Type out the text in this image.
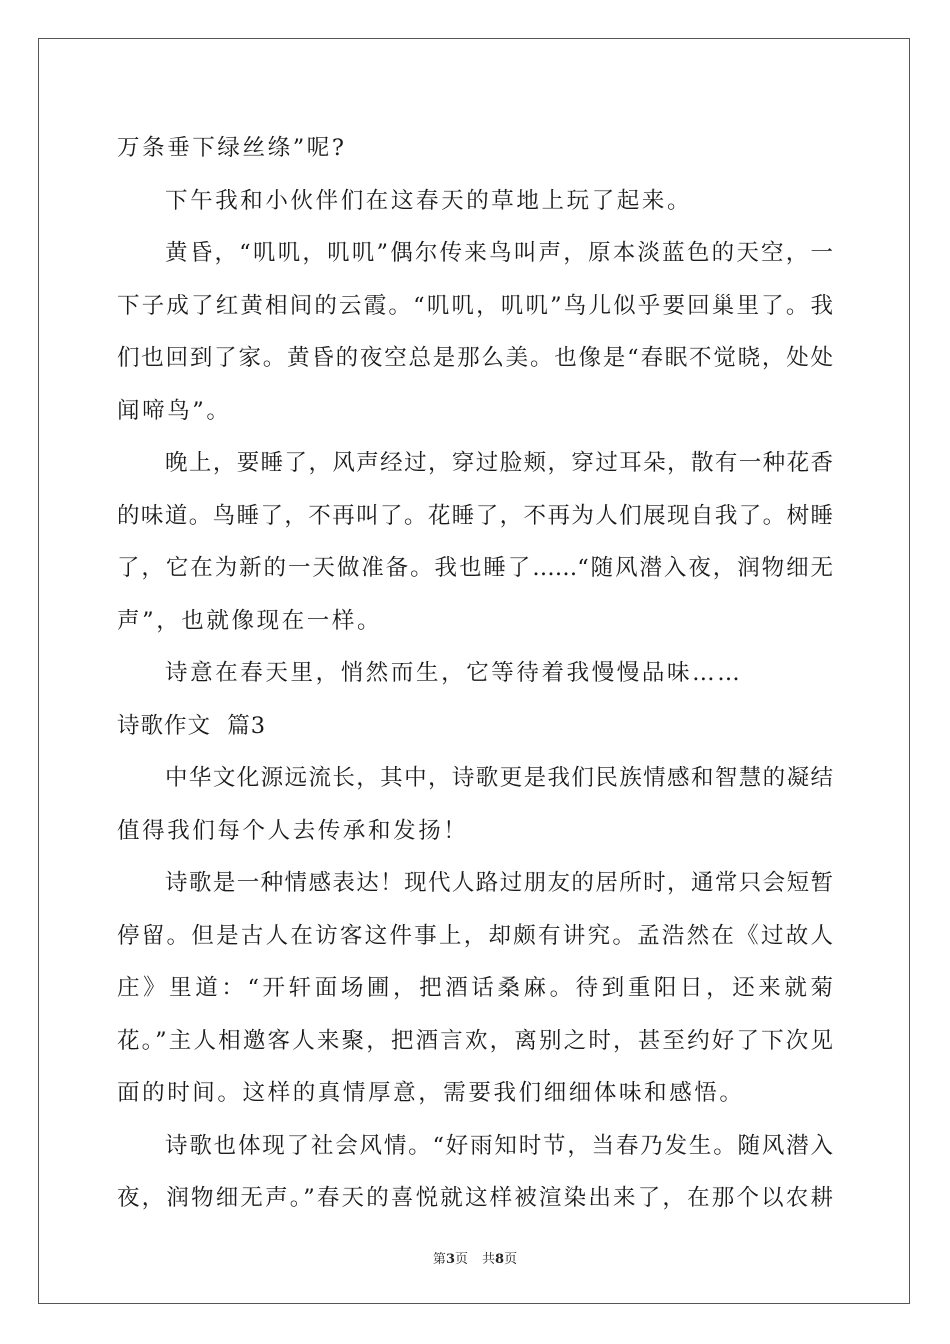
万条垂下绿丝绦”呢?
下午我和小伙伴们在这春天的草地上玩了起来。
黄昏，“叽叽，叽叽”偶尔传来鸟叫声，原本淡蓝色的天空，一
下子成了红黄相间的云霞。“叽叽，叽叽”鸟儿似乎要回巢里了。我
们也回到了家。黄昏的夜空总是那么美。也像是“春眠不觉晓，处处
闻啼鸟”。
晚上，要睡了，风声经过，穿过脸颊，穿过耳朵，散有一种花香
的味道。鸟睡了，不再叫了。花睡了，不再为人们展现自我了。树睡
了，它在为新的一天做准备。我也睡了……“随风潜入夜，润物细无
声”，也就像现在一样。
诗意在春天里，悄然而生，它等待着我慢慢品味……
诗歌作文  篇3
中华文化源远流长，其中，诗歌更是我们民族情感和智慧的凝结
值得我们每个人去传承和发扬！
诗歌是一种情感表达！现代人路过朋友的居所时，通常只会短暂
停留。但是古人在访客这件事上，却颇有讲究。孟浩然在《过故人
庄》里道：“开轩面场圃，把酒话桑麻。待到重阳日，还来就菊
花。”主人相邀客人来聚，把酒言欢，离别之时，甚至约好了下次见
面的时间。这样的真情厚意，需要我们细细体味和感悟。
诗歌也体现了社会风情。“好雨知时节，当春乃发生。随风潜入
夜，润物细无声。”春天的喜悦就这样被渲染出来了，在那个以农耕
第3页 共8页
